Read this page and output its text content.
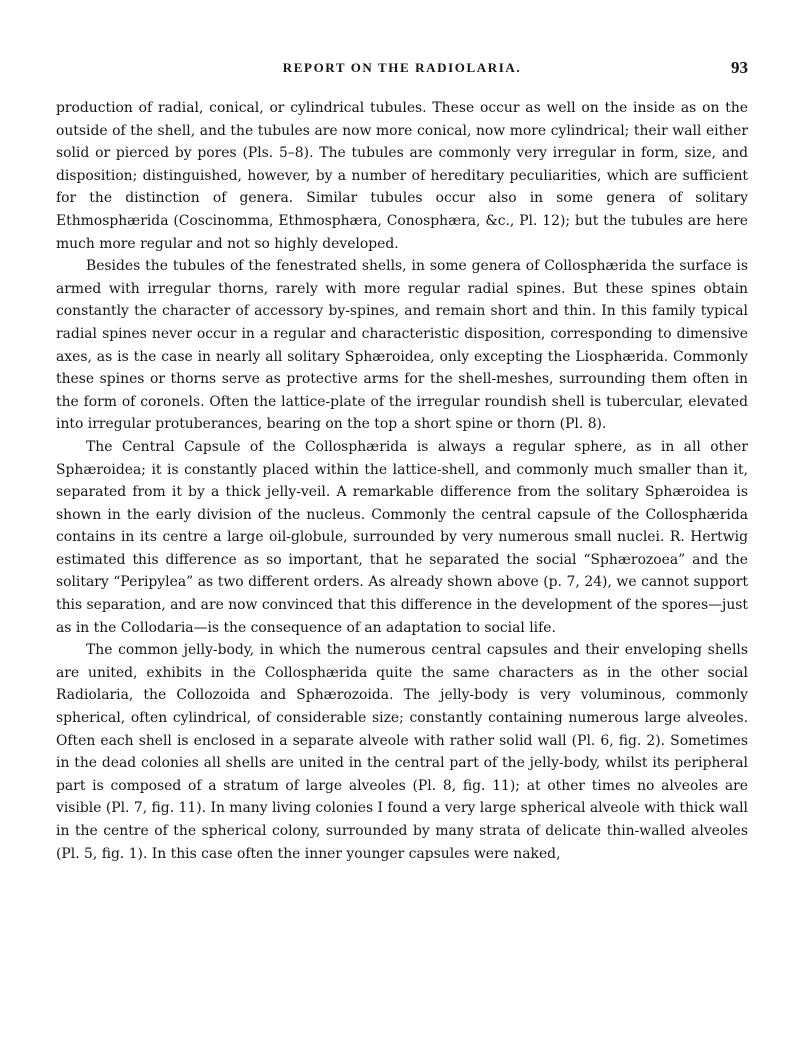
REPORT ON THE RADIOLARIA.	93

production of radial, conical, or cylindrical tubules. These occur as well on the inside as on the outside of the shell, and the tubules are now more conical, now more cylindrical; their wall either solid or pierced by pores (Pls. 5–8). The tubules are commonly very irregular in form, size, and disposition; distinguished, however, by a number of hereditary peculiarities, which are sufficient for the distinction of genera. Similar tubules occur also in some genera of solitary Ethmosphærida (Coscinomma, Ethmosphæra, Conosphæra, &c., Pl. 12); but the tubules are here much more regular and not so highly developed.

Besides the tubules of the fenestrated shells, in some genera of Collosphærida the surface is armed with irregular thorns, rarely with more regular radial spines. But these spines obtain constantly the character of accessory by-spines, and remain short and thin. In this family typical radial spines never occur in a regular and characteristic disposition, corresponding to dimensive axes, as is the case in nearly all solitary Sphæroidea, only excepting the Liosphærida. Commonly these spines or thorns serve as protective arms for the shell-meshes, surrounding them often in the form of coronels. Often the lattice-plate of the irregular roundish shell is tubercular, elevated into irregular protuberances, bearing on the top a short spine or thorn (Pl. 8).

The Central Capsule of the Collosphærida is always a regular sphere, as in all other Sphæroidea; it is constantly placed within the lattice-shell, and commonly much smaller than it, separated from it by a thick jelly-veil. A remarkable difference from the solitary Sphæroidea is shown in the early division of the nucleus. Commonly the central capsule of the Collosphærida contains in its centre a large oil-globule, surrounded by very numerous small nuclei. R. Hertwig estimated this difference as so important, that he separated the social “Sphærozoea” and the solitary “Peripylea” as two different orders. As already shown above (p. 7, 24), we cannot support this separation, and are now convinced that this difference in the development of the spores—just as in the Collodaria—is the consequence of an adaptation to social life.

The common jelly-body, in which the numerous central capsules and their enveloping shells are united, exhibits in the Collosphærida quite the same characters as in the other social Radiolaria, the Collozoida and Sphærozoida. The jelly-body is very voluminous, commonly spherical, often cylindrical, of considerable size; constantly containing numerous large alveoles. Often each shell is enclosed in a separate alveole with rather solid wall (Pl. 6, fig. 2). Sometimes in the dead colonies all shells are united in the central part of the jelly-body, whilst its peripheral part is composed of a stratum of large alveoles (Pl. 8, fig. 11); at other times no alveoles are visible (Pl. 7, fig. 11). In many living colonies I found a very large spherical alveole with thick wall in the centre of the spherical colony, surrounded by many strata of delicate thin-walled alveoles (Pl. 5, fig. 1). In this case often the inner younger capsules were naked,
